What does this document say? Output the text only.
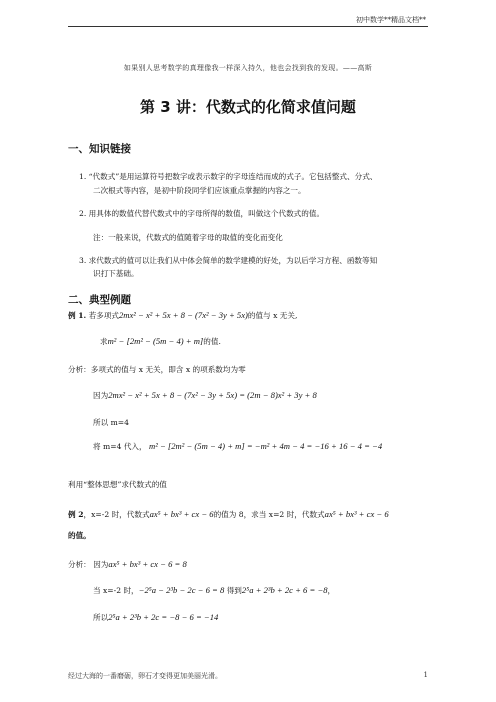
初中数学**精品文档**
如果别人思考数学的真理像我一样深入持久，他也会找到我的发现。——高斯
第 3 讲：代数式的化简求值问题
一、知识链接
1. “代数式”是用运算符号把数字或表示数字的字母连结而成的式子。它包括整式、分式、
二次根式等内容，是初中阶段同学们应该重点掌握的内容之一。
2. 用具体的数值代替代数式中的字母所得的数值，叫做这个代数式的值。
注：一般来说，代数式的值随着字母的取值的变化而变化
3. 求代数式的值可以让我们从中体会简单的数学建模的好处，为以后学习方程、函数等知
识打下基础。
二、典型例题
例 1. 若多项式2mx² − x² + 5x + 8 − (7x² − 3y + 5x)的值与 x 无关,
求m² − [2m² − (5m − 4) + m]的值.
分析：多项式的值与 x 无关，即含 x 的项系数均为零
因为2mx² − x² + 5x + 8 − (7x² − 3y + 5x) = (2m − 8)x² + 3y + 8
所以 m=4
将 m=4 代入， m² − [2m² − (5m − 4) + m] = −m² + 4m − 4 = −16 + 16 − 4 = −4
利用“整体思想”求代数式的值
例 2，x=-2 时，代数式ax⁵ + bx³ + cx − 6的值为 8，求当 x=2 时，代数式ax⁵ + bx³ + cx − 6
的值。
分析： 因为ax⁵ + bx³ + cx − 6 = 8
当 x=-2 时，−2⁵a − 2³b − 2c − 6 = 8 得到2⁵a + 2³b + 2c + 6 = −8，
所以2⁵a + 2³b + 2c = −8 − 6 = −14
经过大海的一番磨砺，卵石才变得更加美丽光滑。	1
